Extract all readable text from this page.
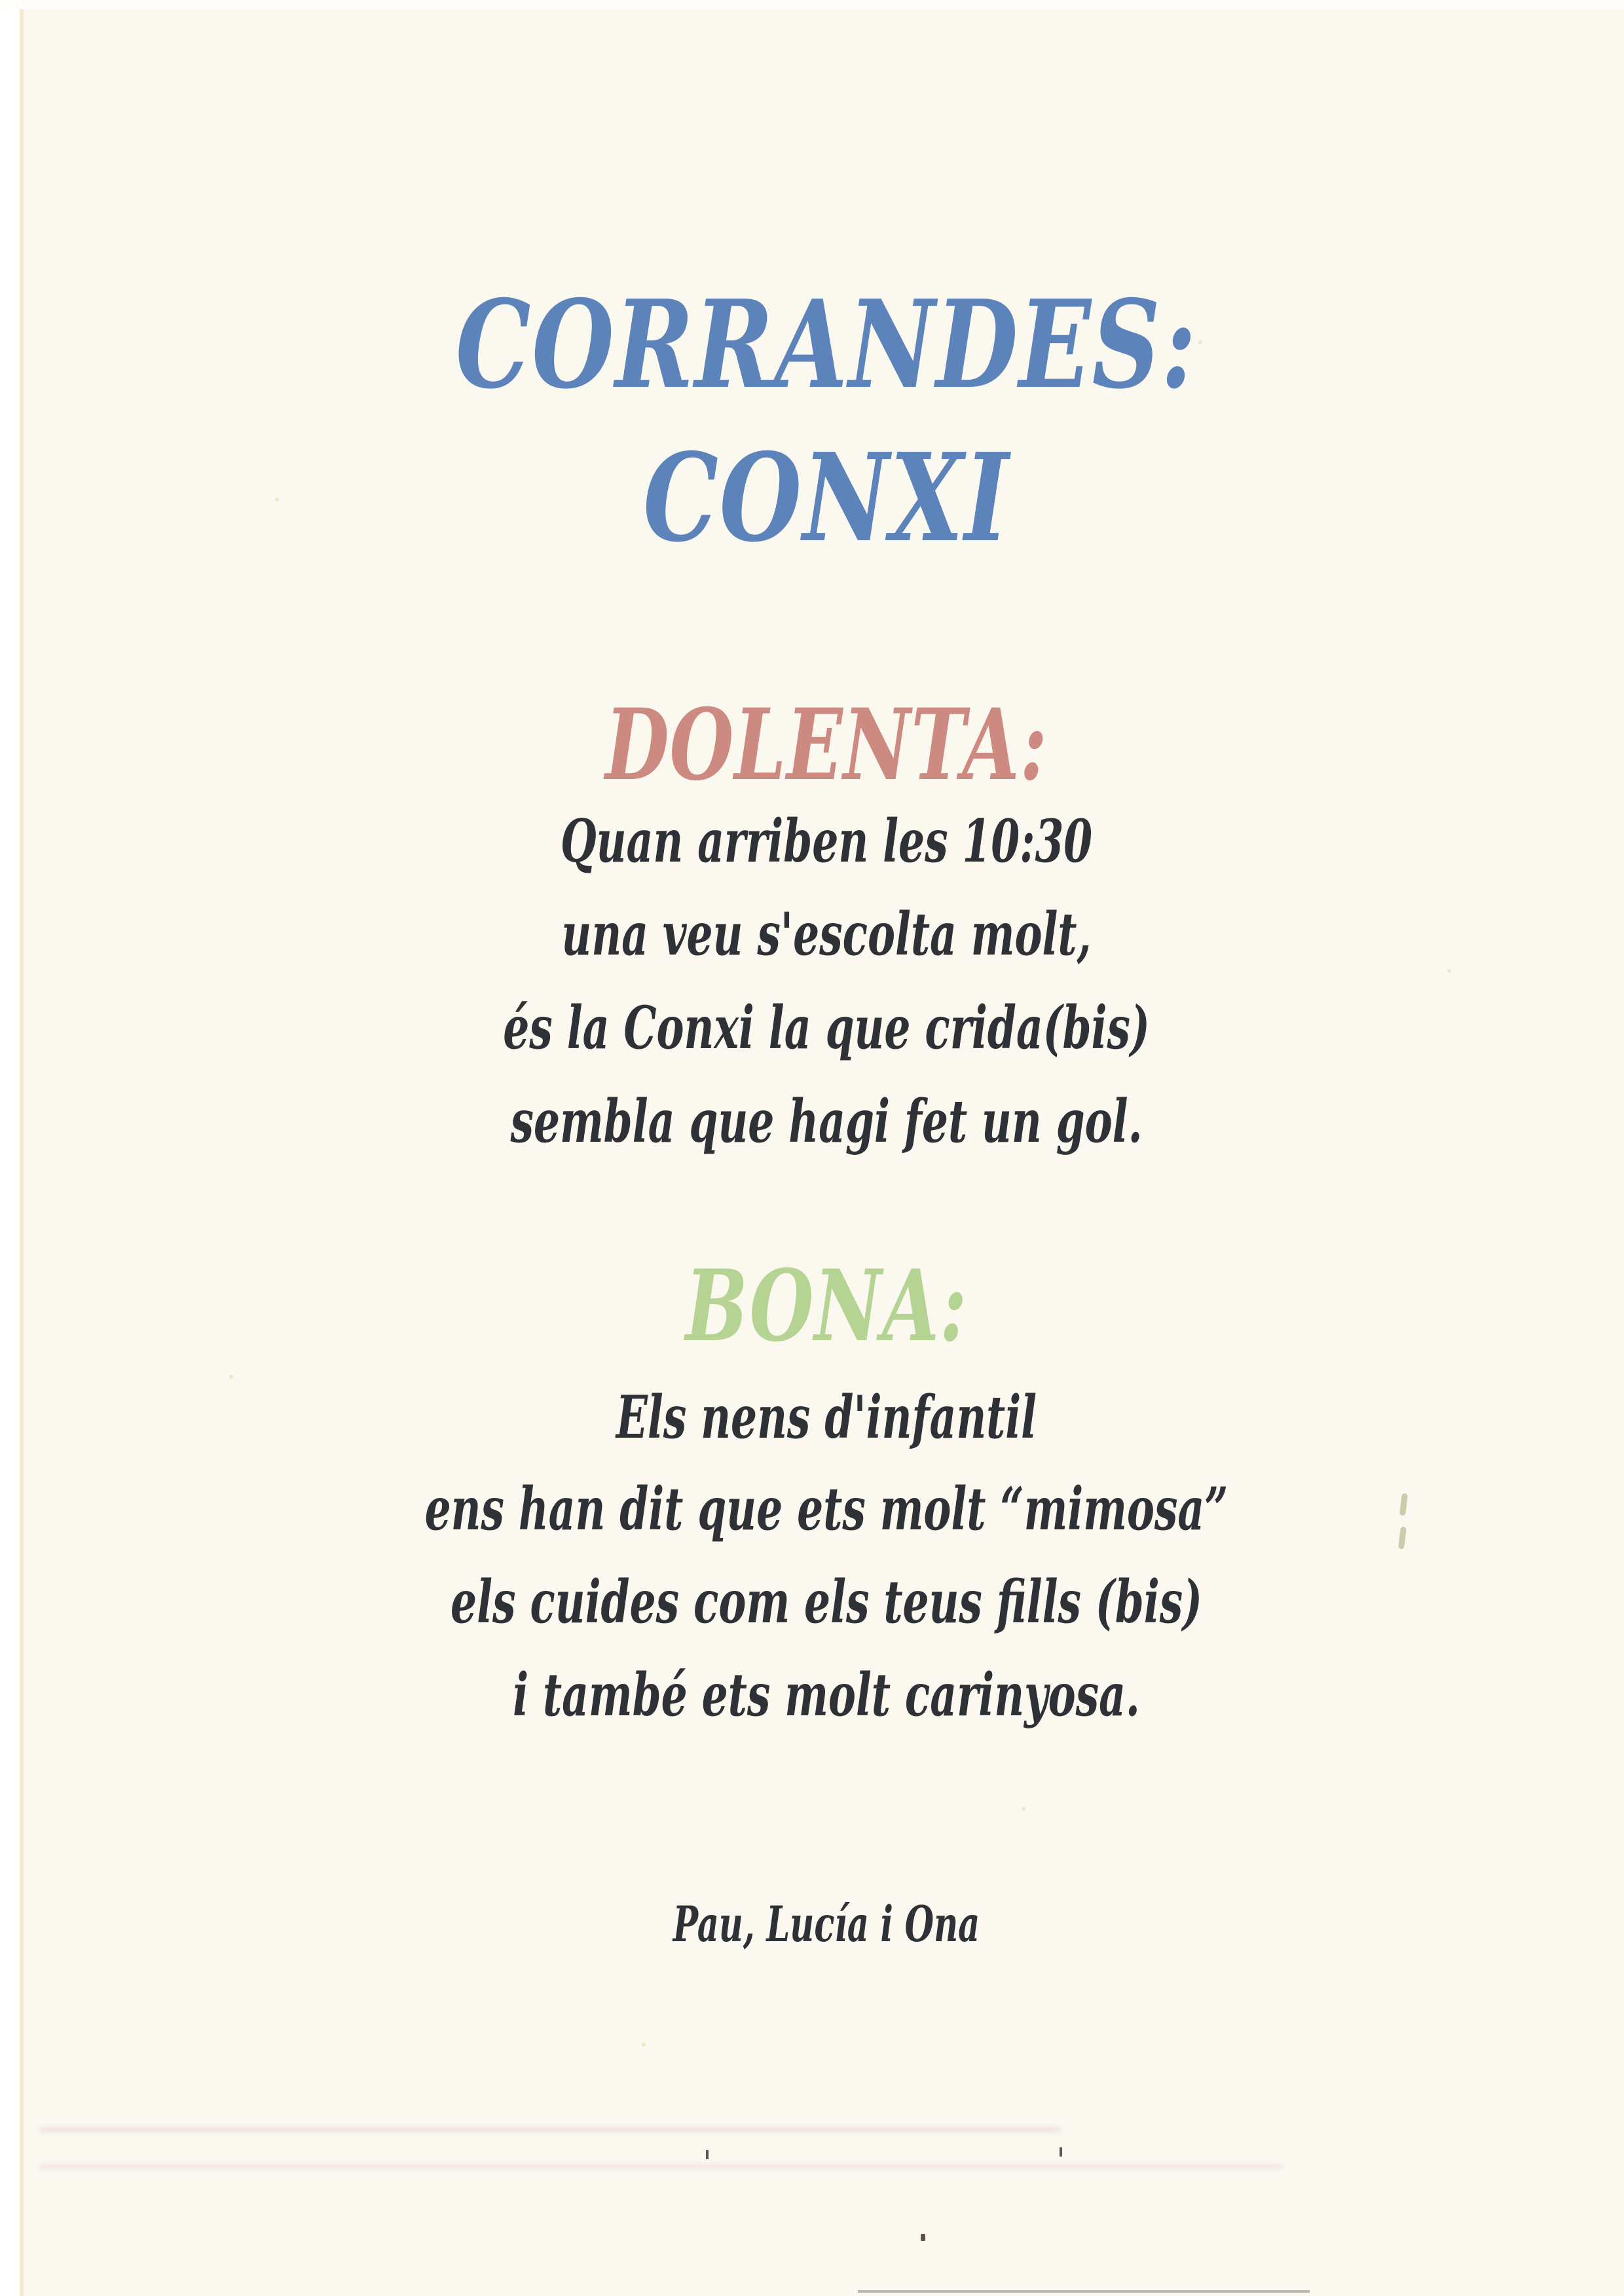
CORRANDES:
CONXI
DOLENTA:
Quan arriben les 10:30
una veu s'escolta molt,
és la Conxi la que crida(bis)
sembla que hagi fet un gol.
BONA:
Els nens d'infantil
ens han dit que ets molt “mimosa”
els cuides com els teus fills (bis)
i també ets molt carinyosa.
Pau, Lucía i Ona
